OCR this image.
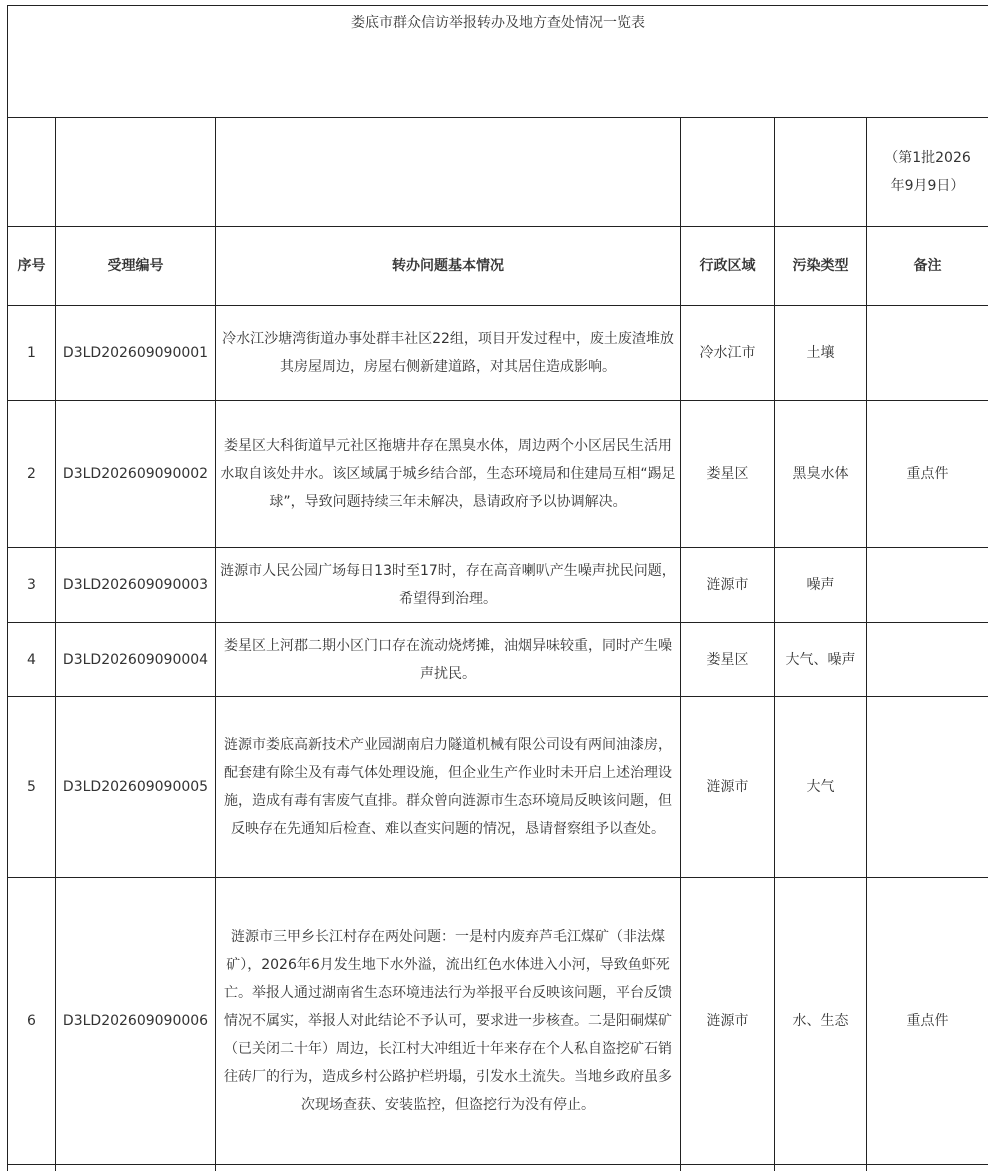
娄底市群众信访举报转办及地方查处情况一览表					
					（第1批2026年9月9日）
序号	受理编号	转办问题基本情况	行政区域	污染类型	备注
1	D3LD202609090001	冷水江沙塘湾街道办事处群丰社区22组，项目开发过程中，废土废渣堆放其房屋周边，房屋右侧新建道路，对其居住造成影响。	冷水江市	土壤	
2	D3LD202609090002	娄星区大科街道早元社区拖塘井存在黑臭水体，周边两个小区居民生活用水取自该处井水。该区域属于城乡结合部，生态环境局和住建局互相“踢足球”，导致问题持续三年未解决，恳请政府予以协调解决。	娄星区	黑臭水体	重点件
3	D3LD202609090003	涟源市人民公园广场每日13时至17时，存在高音喇叭产生噪声扰民问题，希望得到治理。	涟源市	噪声	
4	D3LD202609090004	娄星区上河郡二期小区门口存在流动烧烤摊，油烟异味较重，同时产生噪声扰民。	娄星区	大气、噪声	
5	D3LD202609090005	涟源市娄底高新技术产业园湖南启力隧道机械有限公司设有两间油漆房，配套建有除尘及有毒气体处理设施，但企业生产作业时未开启上述治理设施，造成有毒有害废气直排。群众曾向涟源市生态环境局反映该问题，但反映存在先通知后检查、难以查实问题的情况，恳请督察组予以查处。	涟源市	大气	
6	D3LD202609090006	涟源市三甲乡长江村存在两处问题：一是村内废弃芦毛江煤矿（非法煤矿），2026年6月发生地下水外溢，流出红色水体进入小河，导致鱼虾死亡。举报人通过湖南省生态环境违法行为举报平台反映该问题，平台反馈情况不属实，举报人对此结论不予认可，要求进一步核查。二是阳硐煤矿（已关闭二十年）周边，长江村大冲组近十年来存在个人私自盗挖矿石销往砖厂的行为，造成乡村公路护栏坍塌，引发水土流失。当地乡政府虽多次现场查获、安装监控，但盗挖行为没有停止。	涟源市	水、生态	重点件
